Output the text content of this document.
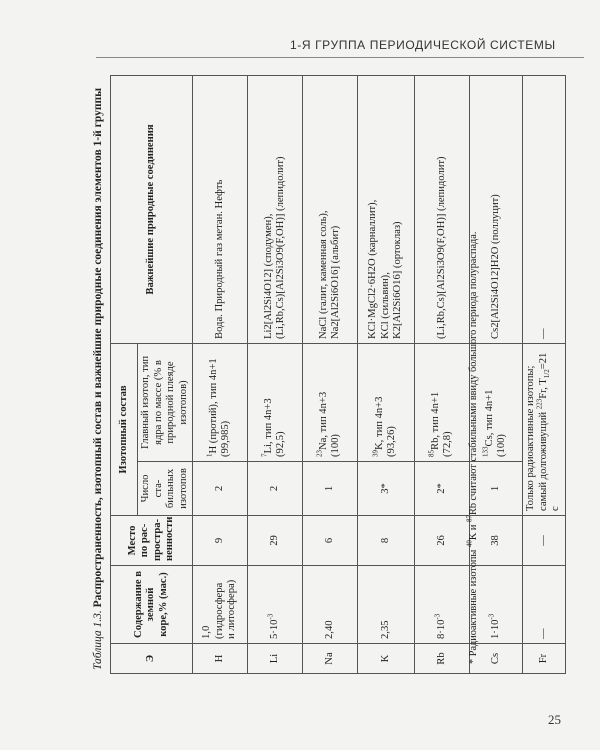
1-Я ГРУППА ПЕРИОДИЧЕСКОЙ СИСТЕМЫ
Таблица 1.3. Распространенность, изотопный состав и важнейшие природные соединения элементов 1-й группы
Э	Содержание в земной коре,% (мас.)	Место по рас-простра-ненности	Изотопный состав		Важнейшие природные соединения
			Число ста-бильных изотопов	Главный изотоп, тип ядра по массе (% в природной плеяде изотопов)	
H	1,0 (гидросфера и литосфера)	9	2	$^1$H (протий), тип 4n+1 (99,985)	Вода. Природный газ метан. Нефть
Li	$5\cdot 10^{-3}$	29	2	$^7$Li, тип 4n+3 (92,5)	Li2[Al2Si4O12] (сподумен), (Li,Rb,Cs)[Al2Si3O9(F,OH)] (лепидолит)
Na	2,40	6	1	$^{23}$Na, тип 4n+3 (100)	NaCl (галит, каменная соль), Na2[Al2Si6O16] (альбит)
K	2,35	8	3*	$^{39}$K, тип 4n+3 (93,26)	KCl·MgCl2·6H2O (карналлит), KCl (сильвин), K2[Al2Si6O16] (ортоклаз)
Rb	$8\cdot 10^{-3}$	26	2*	$^{85}$Rb, тип 4n+1 (72,8)	(Li,Rb,Cs)[Al2Si3O9(F,OH)] (лепидолит)
Cs	$1\cdot 10^{-3}$	38	1	$^{133}$Cs, тип 4n+1 (100)	Cs2[Al2Si4O12]H2O (поллуцит)
Fr	—	—	Только радиоактивные изотопы; самый долгоживущий $^{223}$Fr, $T_{1/2}=21$ с		—
* Радиоактивные изотопы $^{40}$K и $^{87}$Rb считают стабильными ввиду большого периода полураспада.
25
